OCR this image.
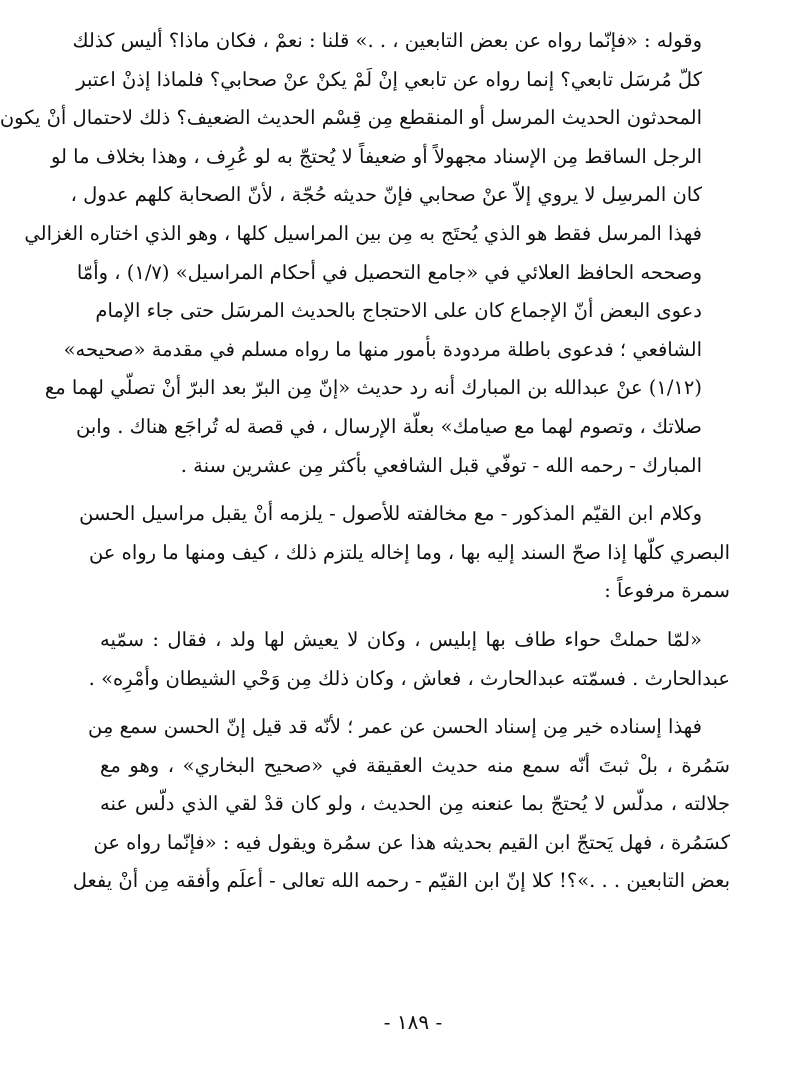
وقوله : «فإنّما رواه عن بعض التابعين ، . .» قلنا : نعمْ ، فكان ماذا؟ أليس كذلك
كلّ مُرسَل تابعي؟ إنما رواه عن تابعي إنْ لَمْ يكنْ عنْ صحابي؟ فلماذا إذنْ اعتبر
المحدثون الحديث المرسل أو المنقطع مِن قِسْم الحديث الضعيف؟ ذلك لاحتمال أنْ يكون
الرجل الساقط مِن الإسناد مجهولاً أو ضعيفاً لا يُحتجّ به لو عُرِف ، وهذا بخلاف ما لو
كان المرسِل لا يروي إلاّ عنْ صحابي فإنّ حديثه حُجّة ، لأنّ الصحابة كلهم عدول ،
فهذا المرسل فقط هو الذي يُحتَج به مِن بين المراسيل كلها ، وهو الذي اختاره الغزالي
وصححه الحافظ العلائي في «جامع التحصيل في أحكام المراسيل» (١/٧) ، وأمّا
دعوى البعض أنّ الإجماع كان على الاحتجاج بالحديث المرسَل حتى جاء الإمام
الشافعي ؛ فدعوى باطلة مردودة بأمور منها ما رواه مسلم في مقدمة «صحيحه»
(١/١٢) عنْ عبدالله بن المبارك أنه رد حديث «إنّ مِن البرّ بعد البرّ أنْ تصلّي لهما مع
صلاتك ، وتصوم لهما مع صيامك» بعلّة الإرسال ، في قصة له تُراجَع هناك . وابن
المبارك - رحمه الله - توفّي قبل الشافعي بأكثر مِن عشرين سنة .

وكلام ابن القيّم المذكور - مع مخالفته للأصول - يلزمه أنْ يقبل مراسيل الحسن
البصري كلّها إذا صحّ السند إليه بها ، وما إخاله يلتزم ذلك ، كيف ومنها ما رواه عن
سمرة مرفوعاً :

«لمّا حملتْ حواء طاف بها إبليس ، وكان لا يعيش لها ولد ، فقال : سمّيه
عبدالحارث . فسمّته عبدالحارث ، فعاش ، وكان ذلك مِن وَحْي الشيطان وأمْرِه» .

فهذا إسناده خير مِن إسناد الحسن عن عمر ؛ لأنّه قد قيل إنّ الحسن سمع مِن
سَمُرة ، بلْ ثبتَ أنّه سمع منه حديث العقيقة في «صحيح البخاري» ، وهو مع
جلالته ، مدلّس لا يُحتجّ بما عنعنه مِن الحديث ، ولو كان قدْ لقي الذي دلّس عنه
كسَمُرة ، فهل يَحتجّ ابن القيم بحديثه هذا عن سمُرة ويقول فيه : «فإنّما رواه عن
بعض التابعين . . .»؟! كلا إنّ ابن القيّم - رحمه الله تعالى - أعلَم وأفقه مِن أنْ يفعل

- ١٨٩ -
